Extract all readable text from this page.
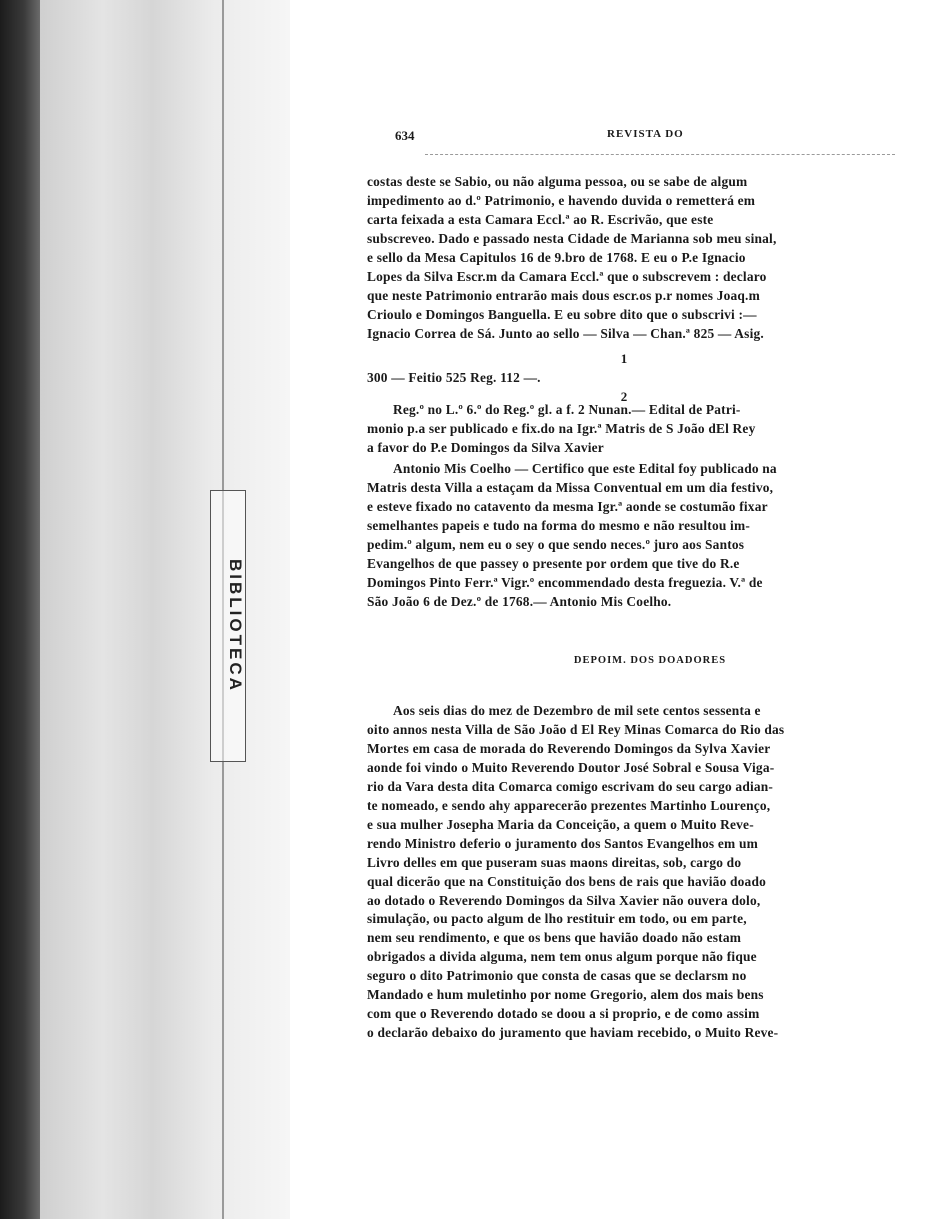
BIBLIOTECA
634	REVISTA DO
costas deste se Sabio, ou não alguma pessoa, ou se sabe de algum
impedimento ao d.º Patrimonio, e havendo duvida o remetterá em
carta feixada a esta Camara Eccl.ª ao R. Escrivão, que este
subscreveo. Dado e passado nesta Cidade de Marianna sob meu sinal,
e sello da Mesa Capitulos 16 de 9.bro de 1768. E eu o P.e Ignacio
Lopes da Silva Escr.m da Camara Eccl.ª que o subscrevem : declaro
que neste Patrimonio entrarão mais dous escr.os p.r nomes Joaq.m
Crioulo e Domingos Banguella. E eu sobre dito que o subscrivi :—
Ignacio Correa de Sá. Junto ao sello — Silva — Chan.ª 825 — Asig.
1
2
300 — Feitio 525 Reg. 112 —.
Reg.º no L.º 6.º do Reg.º gl. a f. 2 Nunan.— Edital de Patri-
monio p.a ser publicado e fix.do na Igr.ª Matris de S João dEl Rey
a favor do P.e Domingos da Silva Xavier
Antonio Mis Coelho — Certifico que este Edital foy publicado na
Matris desta Villa a estaçam da Missa Conventual em um dia festivo,
e esteve fixado no catavento da mesma Igr.ª aonde se costumão fixar
semelhantes papeis e tudo na forma do mesmo e não resultou im-
pedim.º algum, nem eu o sey o que sendo neces.º juro aos Santos
Evangelhos de que passey o presente por ordem que tive do R.e
Domingos Pinto Ferr.ª Vigr.º encommendado desta freguezia. V.ª de
São João 6 de Dez.º de 1768.— Antonio Mis Coelho.
DEPOIM. DOS DOADORES
Aos seis dias do mez de Dezembro de mil sete centos sessenta e
oito annos nesta Villa de São João d El Rey Minas Comarca do Rio das
Mortes em casa de morada do Reverendo Domingos da Sylva Xavier
aonde foi vindo o Muito Reverendo Doutor José Sobral e Sousa Viga-
rio da Vara desta dita Comarca comigo escrivam do seu cargo adian-
te nomeado, e sendo ahy apparecerão prezentes Martinho Lourenço,
e sua mulher Josepha Maria da Conceição, a quem o Muito Reve-
rendo Ministro deferio o juramento dos Santos Evangelhos em um
Livro delles em que puseram suas maons direitas, sob, cargo do
qual dicerão que na Constituição dos bens de rais que havião doado
ao dotado o Reverendo Domingos da Silva Xavier não ouvera dolo,
simulação, ou pacto algum de lho restituir em todo, ou em parte,
nem seu rendimento, e que os bens que havião doado não estam
obrigados a divida alguma, nem tem onus algum porque não fique
seguro o dito Patrimonio que consta de casas que se declarsm no
Mandado e hum muletinho por nome Gregorio, alem dos mais bens
com que o Reverendo dotado se doou a si proprio, e de como assim
o declarão debaixo do juramento que haviam recebido, o Muito Reve-
